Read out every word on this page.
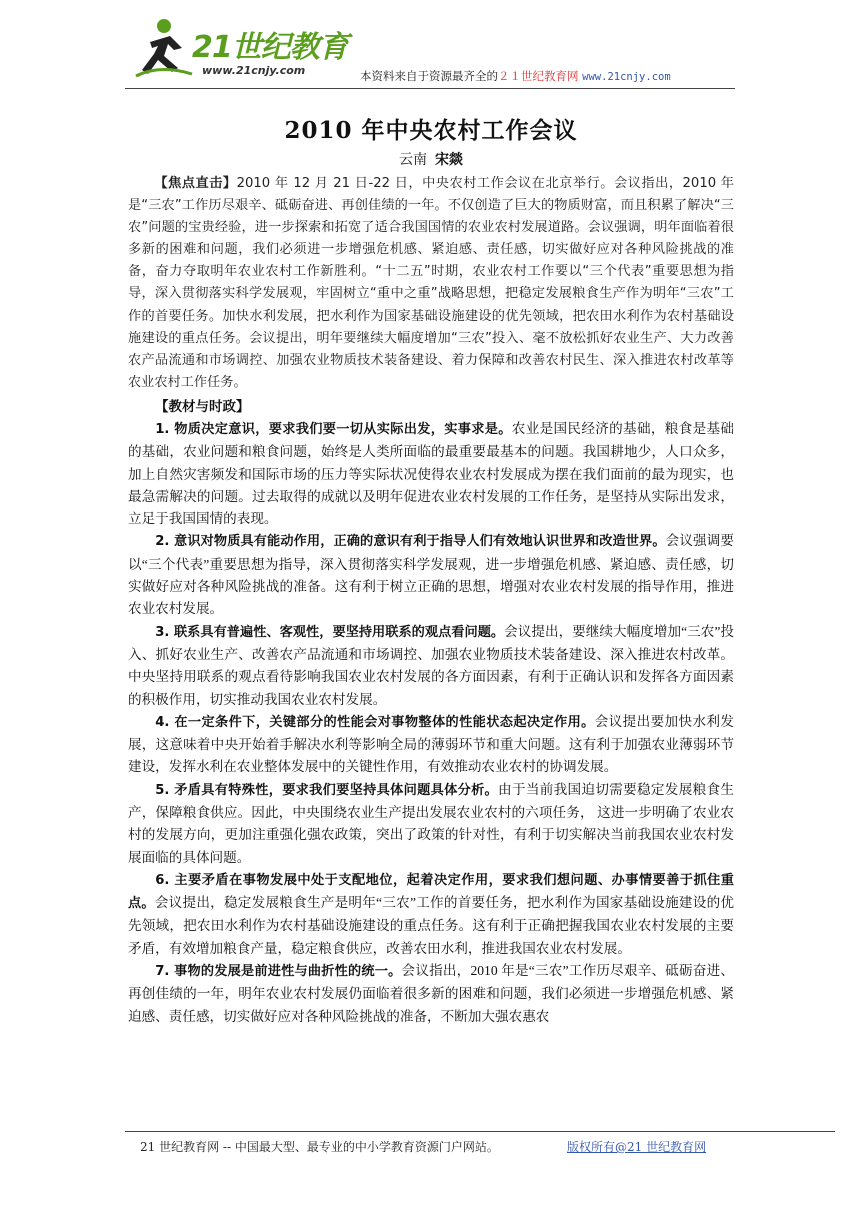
21世纪教育
www.21cnjy.com	本资料来自于资源最齐全的２１世纪教育网 www.21cnjy.com
2010 年中央农村工作会议
云南 宋燚

【焦点直击】2010 年 12 月 21 日-22 日，中央农村工作会议在北京举行。会议指出，2010 年是“三农”工作历尽艰辛、砥砺奋进、再创佳绩的一年。不仅创造了巨大的物质财富，而且积累了解决“三农”问题的宝贵经验，进一步探索和拓宽了适合我国国情的农业农村发展道路。会议强调，明年面临着很多新的困难和问题，我们必须进一步增强危机感、紧迫感、责任感，切实做好应对各种风险挑战的准备，奋力夺取明年农业农村工作新胜利。“十二五”时期，农业农村工作要以“三个代表”重要思想为指导，深入贯彻落实科学发展观，牢固树立“重中之重”战略思想，把稳定发展粮食生产作为明年“三农”工作的首要任务。加快水利发展，把水利作为国家基础设施建设的优先领域，把农田水利作为农村基础设施建设的重点任务。会议提出，明年要继续大幅度增加“三农”投入、毫不放松抓好农业生产、大力改善农产品流通和市场调控、加强农业物质技术装备建设、着力保障和改善农村民生、深入推进农村改革等农业农村工作任务。

【教材与时政】

1. 物质决定意识，要求我们要一切从实际出发，实事求是。农业是国民经济的基础，粮食是基础的基础，农业问题和粮食问题，始终是人类所面临的最重要最基本的问题。我国耕地少，人口众多，加上自然灾害频发和国际市场的压力等实际状况使得农业农村发展成为摆在我们面前的最为现实，也最急需解决的问题。过去取得的成就以及明年促进农业农村发展的工作任务，是坚持从实际出发求，立足于我国国情的表现。

2. 意识对物质具有能动作用，正确的意识有利于指导人们有效地认识世界和改造世界。会议强调要以“三个代表”重要思想为指导，深入贯彻落实科学发展观，进一步增强危机感、紧迫感、责任感，切实做好应对各种风险挑战的准备。这有利于树立正确的思想，增强对农业农村发展的指导作用，推进农业农村发展。

3. 联系具有普遍性、客观性，要坚持用联系的观点看问题。会议提出，要继续大幅度增加“三农”投入、抓好农业生产、改善农产品流通和市场调控、加强农业物质技术装备建设、深入推进农村改革。中央坚持用联系的观点看待影响我国农业农村发展的各方面因素，有利于正确认识和发挥各方面因素的积极作用，切实推动我国农业农村发展。

4. 在一定条件下，关键部分的性能会对事物整体的性能状态起决定作用。会议提出要加快水利发展，这意味着中央开始着手解决水利等影响全局的薄弱环节和重大问题。这有利于加强农业薄弱环节建设，发挥水利在农业整体发展中的关键性作用，有效推动农业农村的协调发展。

5. 矛盾具有特殊性，要求我们要坚持具体问题具体分析。由于当前我国迫切需要稳定发展粮食生产，保障粮食供应。因此，中央围绕农业生产提出发展农业农村的六项任务， 这进一步明确了农业农村的发展方向，更加注重强化强农政策，突出了政策的针对性，有利于切实解决当前我国农业农村发展面临的具体问题。

6. 主要矛盾在事物发展中处于支配地位，起着决定作用，要求我们想问题、办事情要善于抓住重点。会议提出，稳定发展粮食生产是明年“三农”工作的首要任务，把水利作为国家基础设施建设的优先领域，把农田水利作为农村基础设施建设的重点任务。这有利于正确把握我国农业农村发展的主要矛盾，有效增加粮食产量，稳定粮食供应，改善农田水利，推进我国农业农村发展。

7. 事物的发展是前进性与曲折性的统一。会议指出，2010 年是“三农”工作历尽艰辛、砥砺奋进、再创佳绩的一年，明年农业农村发展仍面临着很多新的困难和问题，我们必须进一步增强危机感、紧迫感、责任感，切实做好应对各种风险挑战的准备，不断加大强农惠农

21 世纪教育网 -- 中国最大型、最专业的中小学教育资源门户网站。	版权所有@21 世纪教育网
